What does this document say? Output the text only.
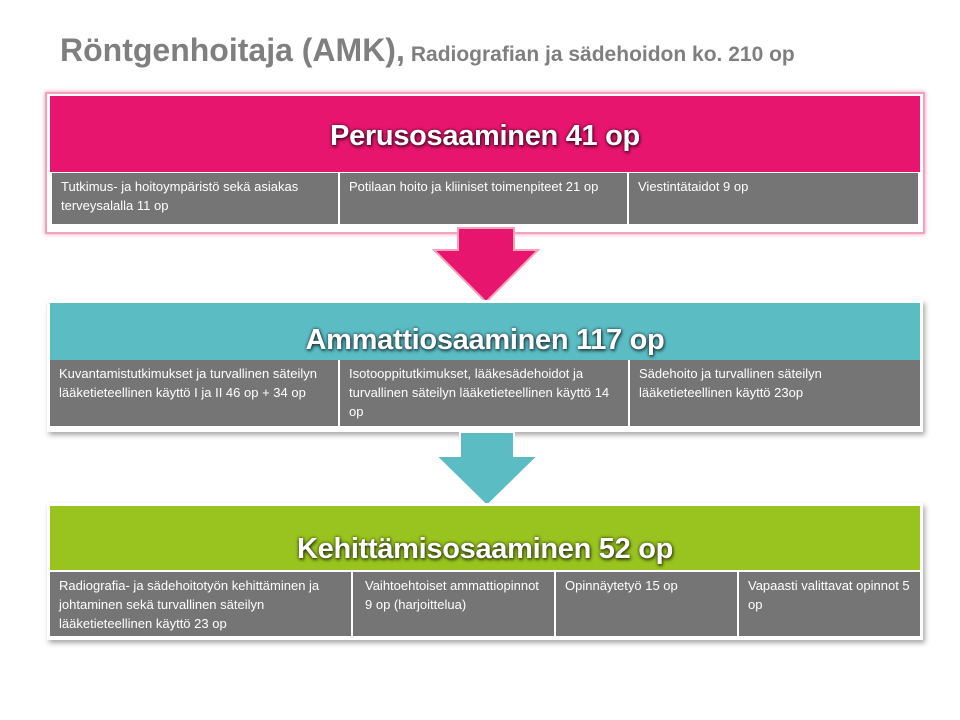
Röntgenhoitaja (AMK), Radiografian ja sädehoidon ko. 210 op
Perusosaaminen 41 op
Tutkimus- ja hoitoympäristö sekä asiakas terveysalalla 11 op
Potilaan hoito ja kliiniset toimenpiteet 21 op	Viestintätaidot 9 op
Ammattiosaaminen 117 op
Kuvantamistutkimukset ja turvallinen säteilyn lääketieteellinen käyttö I ja II 46 op + 34 op
Isotooppitutkimukset, lääkesädehoidot ja turvallinen säteilyn lääketieteellinen käyttö 14 op
Sädehoito ja turvallinen säteilyn lääketieteellinen käyttö 23op
Kehittämisosaaminen 52 op
Radiografia- ja sädehoitotyön kehittäminen ja johtaminen sekä turvallinen säteilyn lääketieteellinen käyttö 23 op
Vaihtoehtoiset ammattiopinnot 9 op (harjoittelua)
Opinnäytetyö 15 op	Vapaasti valittavat opinnot 5 op
